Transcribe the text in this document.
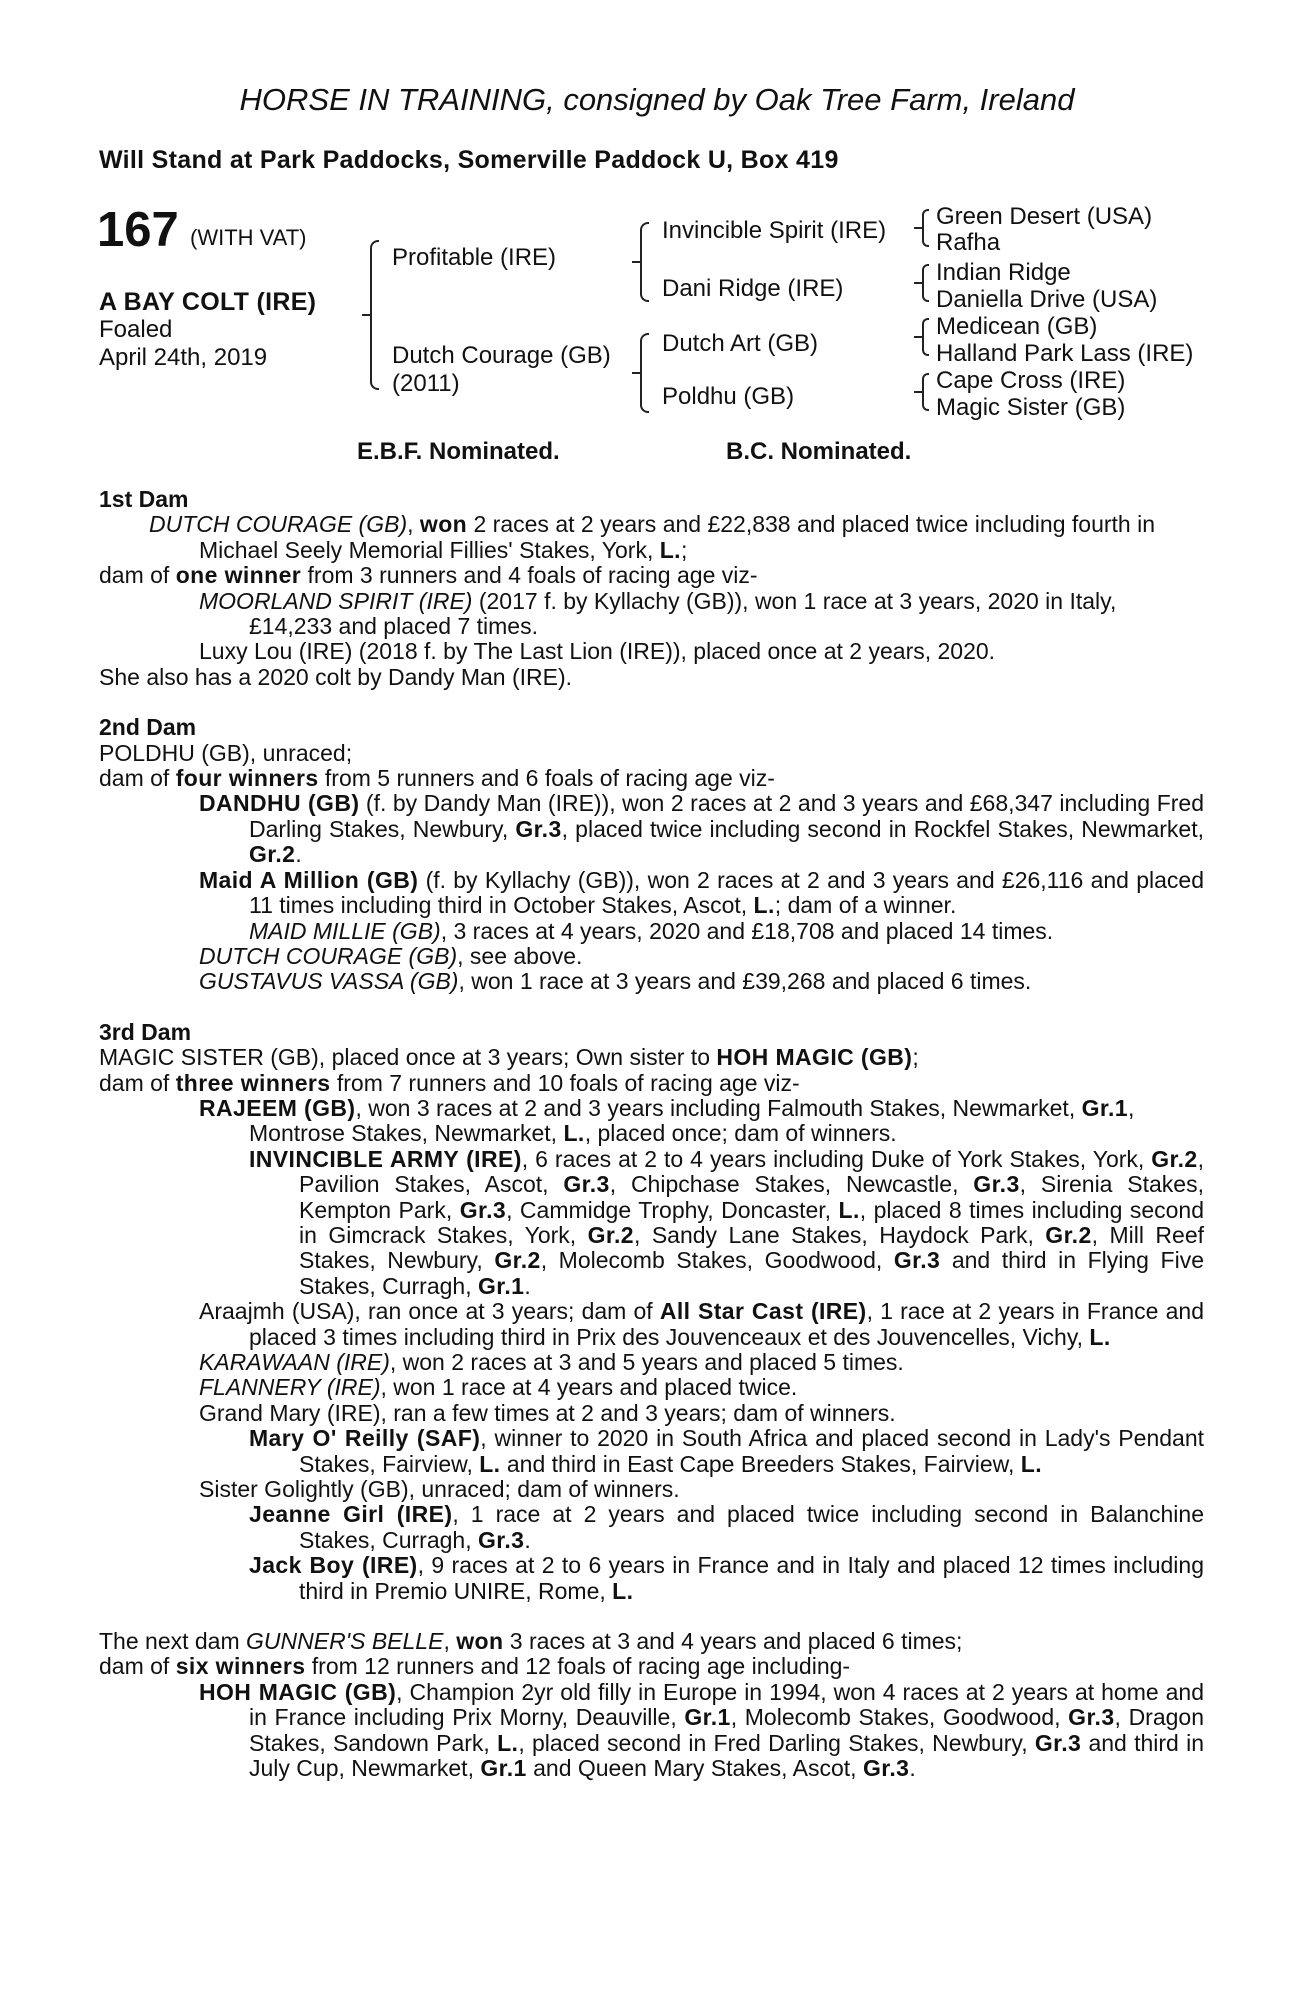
HORSE IN TRAINING, consigned by Oak Tree Farm, Ireland
Will Stand at Park Paddocks, Somerville Paddock U, Box 419
167 (WITH VAT)
A BAY COLT (IRE)
Foaled
April 24th, 2019
Profitable (IRE)
Dutch Courage (GB)
(2011)
Invincible Spirit (IRE)
Dani Ridge (IRE)
Dutch Art (GB)
Poldhu (GB)
Green Desert (USA)
Rafha
Indian Ridge
Daniella Drive (USA)
Medicean (GB)
Halland Park Lass (IRE)
Cape Cross (IRE)
Magic Sister (GB)
E.B.F. Nominated.	B.C. Nominated.

1st Dam

DUTCH COURAGE (GB), won 2 races at 2 years and £22,838 and placed twice including fourth in Michael Seely Memorial Fillies' Stakes, York, L.;

dam of one winner from 3 runners and 4 foals of racing age viz-

MOORLAND SPIRIT (IRE) (2017 f. by Kyllachy (GB)), won 1 race at 3 years, 2020 in Italy, £14,233 and placed 7 times.

Luxy Lou (IRE) (2018 f. by The Last Lion (IRE)), placed once at 2 years, 2020.

She also has a 2020 colt by Dandy Man (IRE).

2nd Dam

POLDHU (GB), unraced;

dam of four winners from 5 runners and 6 foals of racing age viz-

DANDHU (GB) (f. by Dandy Man (IRE)), won 2 races at 2 and 3 years and £68,347 including Fred Darling Stakes, Newbury, Gr.3, placed twice including second in Rockfel Stakes, Newmarket, Gr.2.

Maid A Million (GB) (f. by Kyllachy (GB)), won 2 races at 2 and 3 years and £26,116 and placed 11 times including third in October Stakes, Ascot, L.; dam of a winner.

MAID MILLIE (GB), 3 races at 4 years, 2020 and £18,708 and placed 14 times.

DUTCH COURAGE (GB), see above.

GUSTAVUS VASSA (GB), won 1 race at 3 years and £39,268 and placed 6 times.

3rd Dam

MAGIC SISTER (GB), placed once at 3 years; Own sister to HOH MAGIC (GB);

dam of three winners from 7 runners and 10 foals of racing age viz-

RAJEEM (GB), won 3 races at 2 and 3 years including Falmouth Stakes, Newmarket, Gr.1, Montrose Stakes, Newmarket, L., placed once; dam of winners.

INVINCIBLE ARMY (IRE), 6 races at 2 to 4 years including Duke of York Stakes, York, Gr.2, Pavilion Stakes, Ascot, Gr.3, Chipchase Stakes, Newcastle, Gr.3, Sirenia Stakes, Kempton Park, Gr.3, Cammidge Trophy, Doncaster, L., placed 8 times including second in Gimcrack Stakes, York, Gr.2, Sandy Lane Stakes, Haydock Park, Gr.2, Mill Reef Stakes, Newbury, Gr.2, Molecomb Stakes, Goodwood, Gr.3 and third in Flying Five Stakes, Curragh, Gr.1.

Araajmh (USA), ran once at 3 years; dam of All Star Cast (IRE), 1 race at 2 years in France and placed 3 times including third in Prix des Jouvenceaux et des Jouvencelles, Vichy, L.

KARAWAAN (IRE), won 2 races at 3 and 5 years and placed 5 times.

FLANNERY (IRE), won 1 race at 4 years and placed twice.

Grand Mary (IRE), ran a few times at 2 and 3 years; dam of winners.

Mary O' Reilly (SAF), winner to 2020 in South Africa and placed second in Lady's Pendant Stakes, Fairview, L. and third in East Cape Breeders Stakes, Fairview, L.

Sister Golightly (GB), unraced; dam of winners.

Jeanne Girl (IRE), 1 race at 2 years and placed twice including second in Balanchine Stakes, Curragh, Gr.3.

Jack Boy (IRE), 9 races at 2 to 6 years in France and in Italy and placed 12 times including third in Premio UNIRE, Rome, L.

The next dam GUNNER'S BELLE, won 3 races at 3 and 4 years and placed 6 times;

dam of six winners from 12 runners and 12 foals of racing age including-

HOH MAGIC (GB), Champion 2yr old filly in Europe in 1994, won 4 races at 2 years at home and in France including Prix Morny, Deauville, Gr.1, Molecomb Stakes, Goodwood, Gr.3, Dragon Stakes, Sandown Park, L., placed second in Fred Darling Stakes, Newbury, Gr.3 and third in July Cup, Newmarket, Gr.1 and Queen Mary Stakes, Ascot, Gr.3.
